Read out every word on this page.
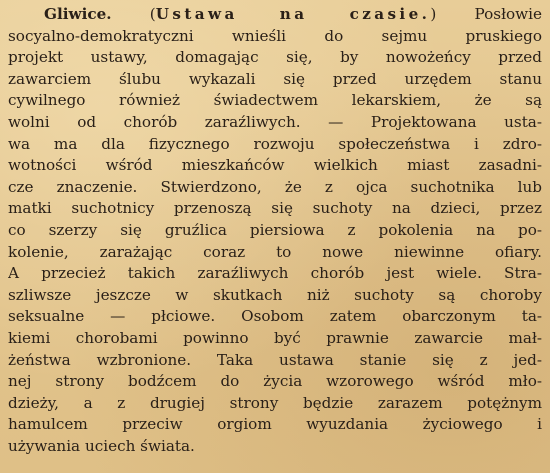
Gliwice.	(Ustawa na czasie.)	Posłowie
socyalno-demokratyczni wnieśli do sejmu pruskiego
projekt ustawy, domagając się, by nowożeńcy przed
zawarciem ślubu wykazali się przed urzędem stanu
cywilnego również świadectwem lekarskiem, że są
wolni od chorób zaraźliwych. — Projektowana usta-
wa ma dla fizycznego rozwoju społeczeństwa i zdro-
wotności wśród mieszkańców wielkich miast zasadni-
cze znaczenie. Stwierdzono, że z ojca suchotnika lub
matki suchotnicy przenoszą się suchoty na dzieci, przez
co szerzy się gruźlica piersiowa z pokolenia na po-
kolenie, zarażając coraz to nowe niewinne ofiary.
A przecież takich zaraźliwych chorób jest wiele. Stra-
szliwsze jeszcze w skutkach niż suchoty są choroby
seksualne — płciowe. Osobom zatem obarczonym ta-
kiemi chorobami powinno być prawnie zawarcie mał-
żeństwa wzbronione. Taka ustawa stanie się z jed-
nej strony bodźcem do życia wzorowego wśród mło-
dzieży, a z drugiej strony będzie zarazem potężnym
hamulcem przeciw orgiom wyuzdania życiowego i
używania uciech świata.
